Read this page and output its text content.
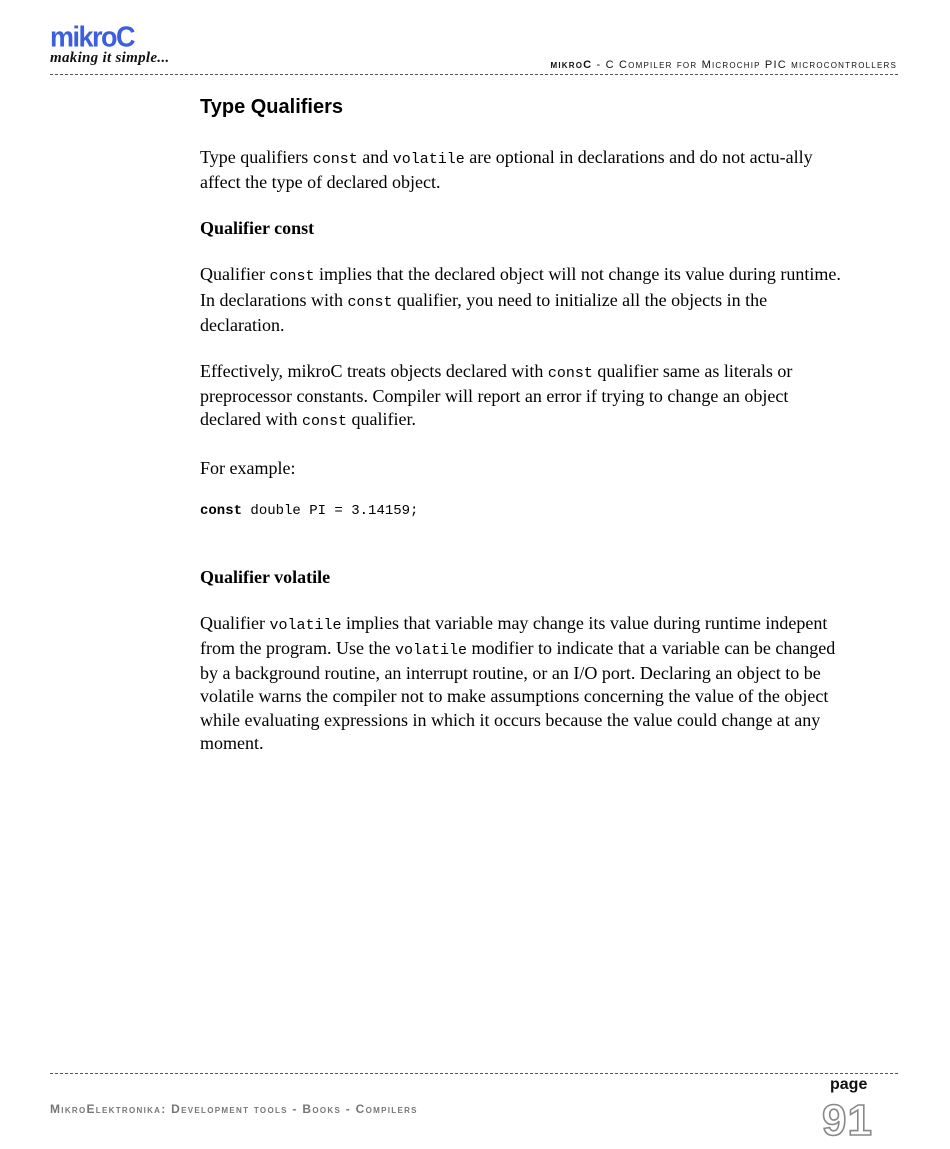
mikroC
making it simple...	mikroC - C Compiler for Microchip PIC microcontrollers
Type Qualifiers

Type qualifiers const and volatile are optional in declarations and do not actu-ally affect the type of declared object.

Qualifier const

Qualifier const implies that the declared object will not change its value during runtime. In declarations with const qualifier, you need to initialize all the objects in the declaration.

Effectively, mikroC treats objects declared with const qualifier same as literals or preprocessor constants. Compiler will report an error if trying to change an object declared with const qualifier.

For example:

const double PI = 3.14159;
Qualifier volatile

Qualifier volatile implies that variable may change its value during runtime indepent from the program. Use the volatile modifier to indicate that a variable can be changed by a background routine, an interrupt routine, or an I/O port. Declaring an object to be volatile warns the compiler not to make assumptions concerning the value of the object while evaluating expressions in which it occurs because the value could change at any moment.

page
91
MikroElektronika: Development tools - Books - Compilers
